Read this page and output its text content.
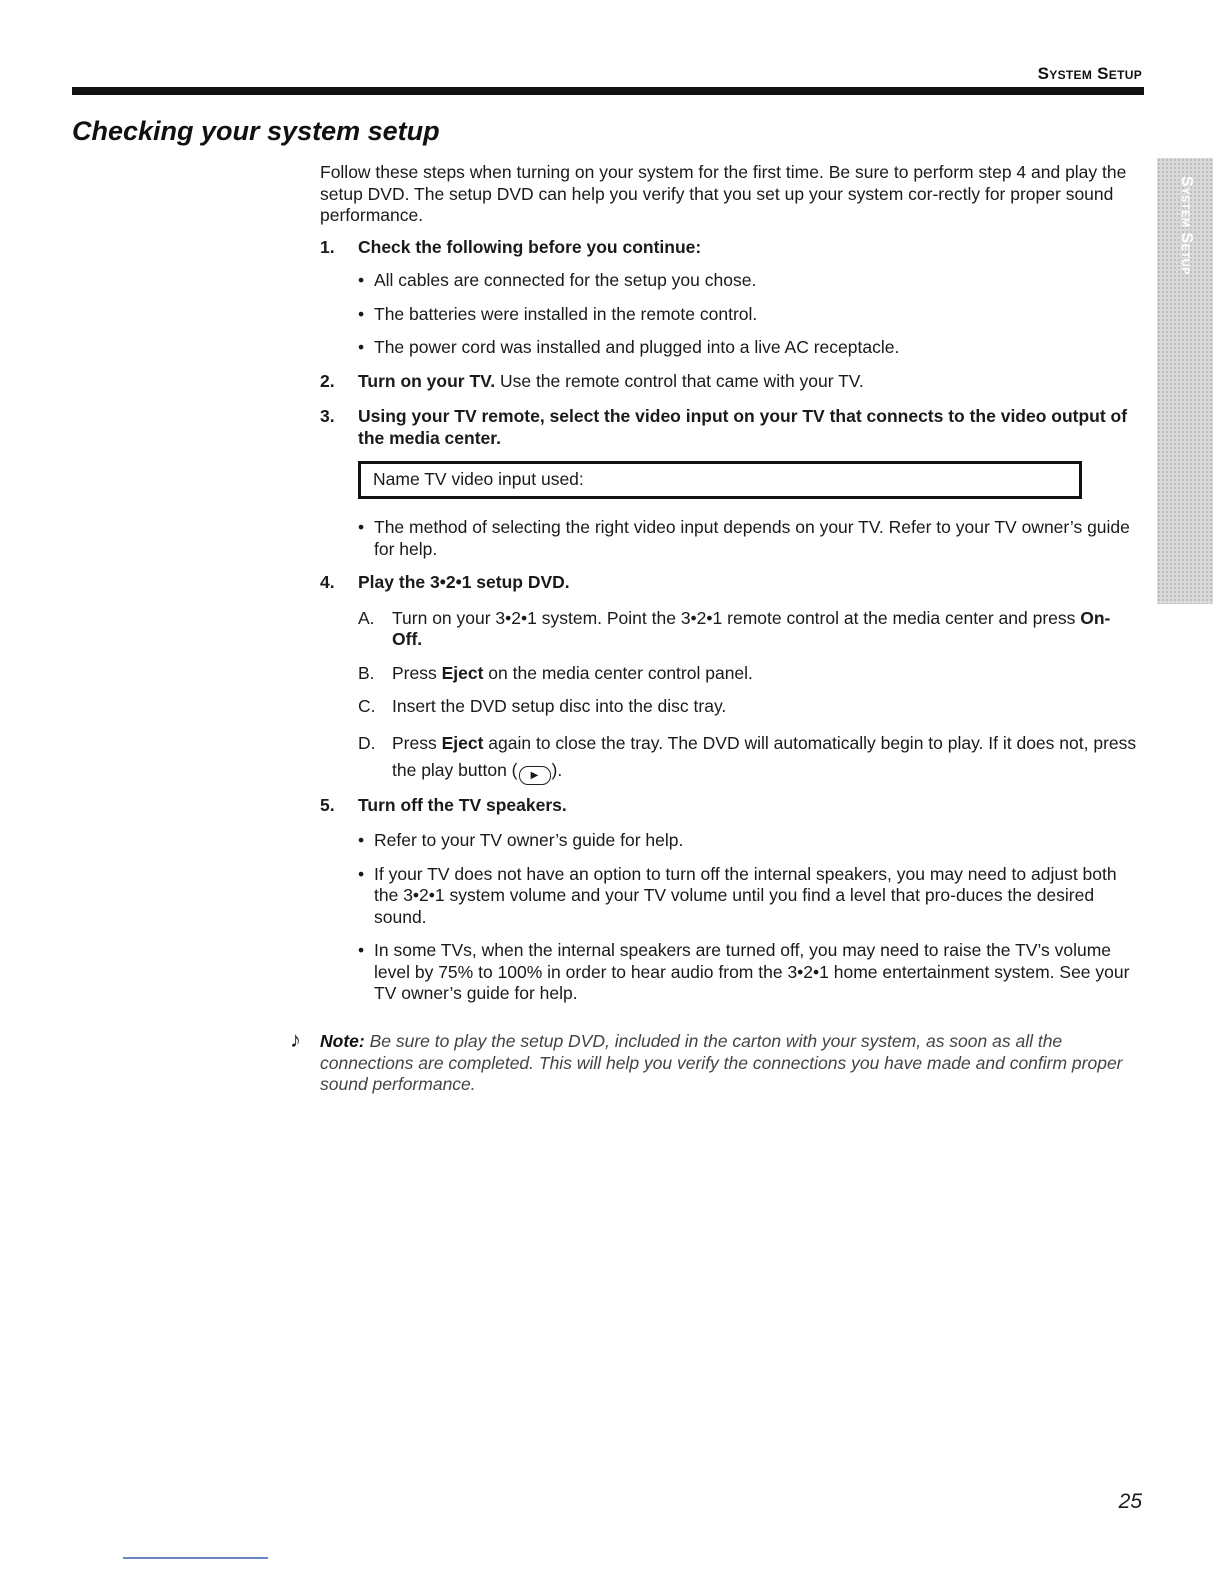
System Setup
Checking your system setup
System Setup

Follow these steps when turning on your system for the first time. Be sure to perform step 4 and play the setup DVD. The setup DVD can help you verify that you set up your system cor-rectly for proper sound performance.

1. Check the following before you continue:

• All cables are connected for the setup you chose.

• The batteries were installed in the remote control.

• The power cord was installed and plugged into a live AC receptacle.

2. Turn on your TV. Use the remote control that came with your TV.
3. Using your TV remote, select the video input on your TV that connects to the video output of the media center.
Name TV video input used:

• The method of selecting the right video input depends on your TV. Refer to your TV owner’s guide for help.

4. Play the 3•2•1 setup DVD.

A. Turn on your 3•2•1 system. Point the 3•2•1 remote control at the media center and press On-Off.

B. Press Eject on the media center control panel.

C. Insert the DVD setup disc into the disc tray.

D. Press Eject again to close the tray. The DVD will automatically begin to play. If it does not, press the play button ( ▶ ).

5. Turn off the TV speakers.

• Refer to your TV owner’s guide for help.

• If your TV does not have an option to turn off the internal speakers, you may need to adjust both the 3•2•1 system volume and your TV volume until you find a level that pro-duces the desired sound.

• In some TVs, when the internal speakers are turned off, you may need to raise the TV’s volume level by 75% to 100% in order to hear audio from the 3•2•1 home entertainment system. See your TV owner’s guide for help.

♪	Note: Be sure to play the setup DVD, included in the carton with your system, as soon as all the connections are completed. This will help you verify the connections you have made and confirm proper sound performance.

25
